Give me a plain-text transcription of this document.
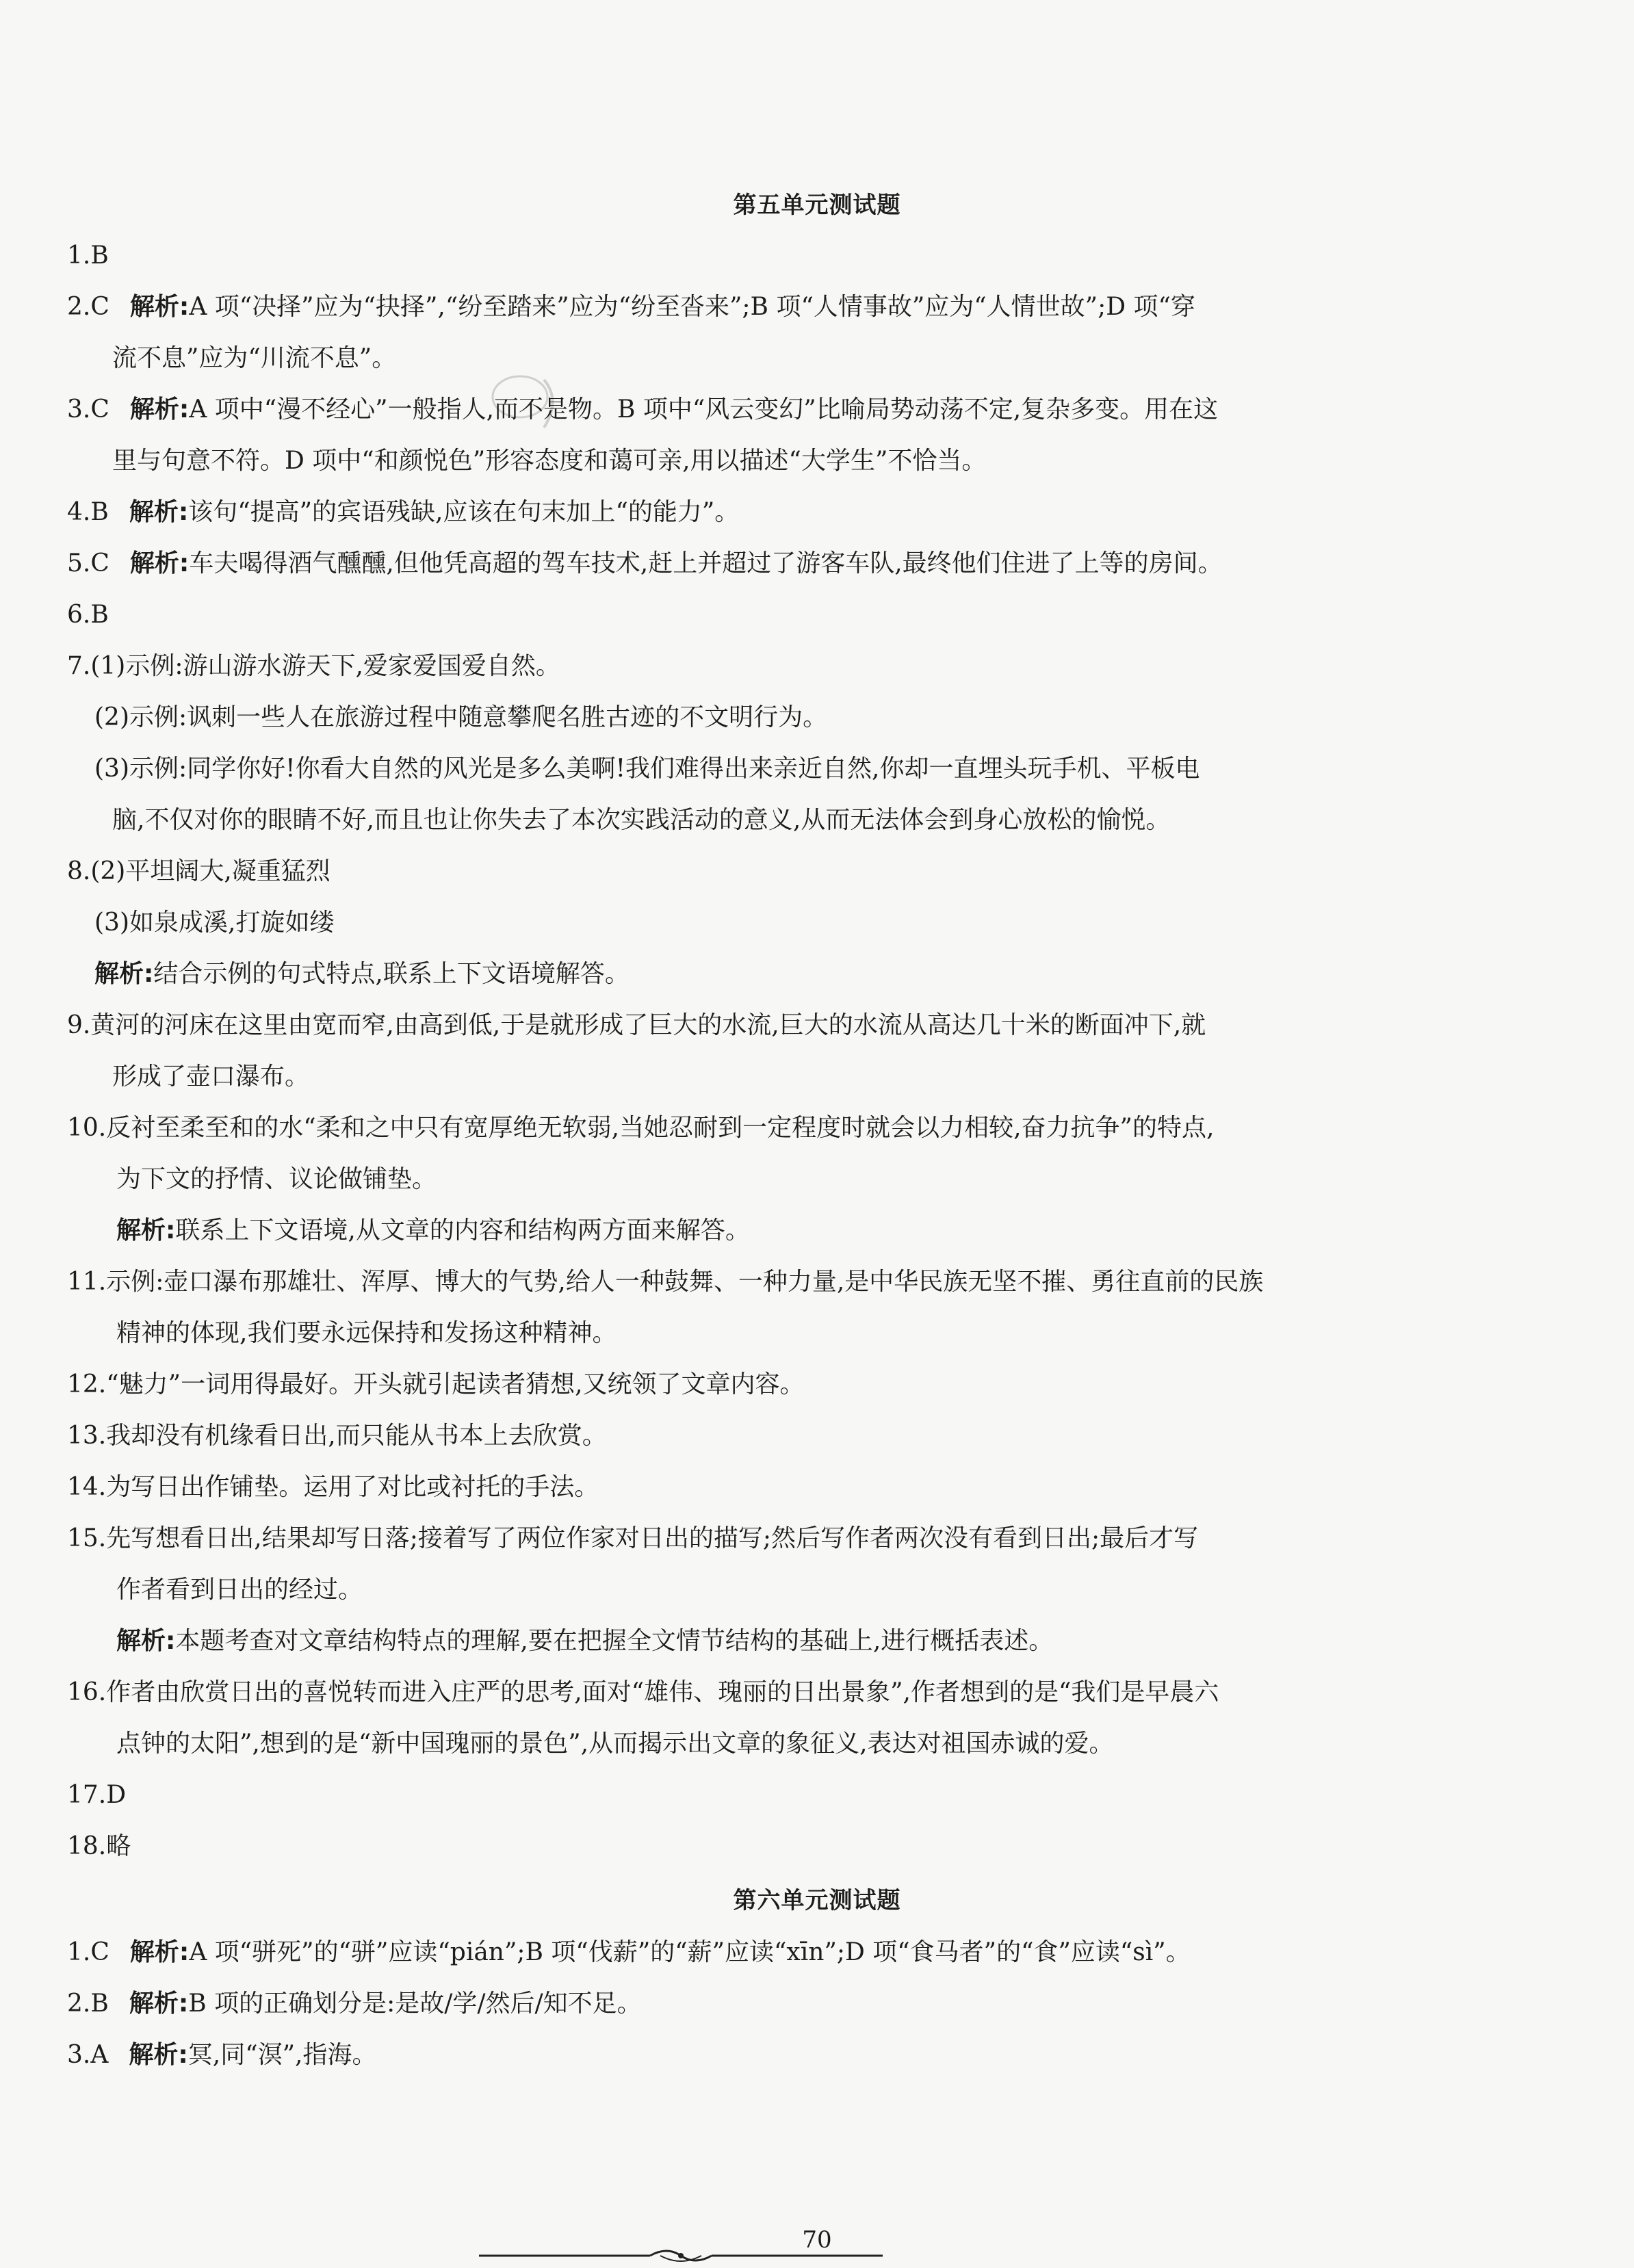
第五单元测试题
1.B
2.C 解析:A 项“决择”应为“抉择”,“纷至踏来”应为“纷至沓来”;B 项“人情事故”应为“人情世故”;D 项“穿
流不息”应为“川流不息”。
3.C 解析:A 项中“漫不经心”一般指人,而不是物。B 项中“风云变幻”比喻局势动荡不定,复杂多变。用在这
里与句意不符。D 项中“和颜悦色”形容态度和蔼可亲,用以描述“大学生”不恰当。
4.B 解析:该句“提高”的宾语残缺,应该在句末加上“的能力”。
5.C 解析:车夫喝得酒气醺醺,但他凭高超的驾车技术,赶上并超过了游客车队,最终他们住进了上等的房间。
6.B
7.(1)示例:游山游水游天下,爱家爱国爱自然。
(2)示例:讽刺一些人在旅游过程中随意攀爬名胜古迹的不文明行为。
(3)示例:同学你好!你看大自然的风光是多么美啊!我们难得出来亲近自然,你却一直埋头玩手机、平板电
脑,不仅对你的眼睛不好,而且也让你失去了本次实践活动的意义,从而无法体会到身心放松的愉悦。
8.(2)平坦阔大,凝重猛烈
(3)如泉成溪,打旋如缕
解析:结合示例的句式特点,联系上下文语境解答。
9.黄河的河床在这里由宽而窄,由高到低,于是就形成了巨大的水流,巨大的水流从高达几十米的断面冲下,就
形成了壶口瀑布。
10.反衬至柔至和的水“柔和之中只有宽厚绝无软弱,当她忍耐到一定程度时就会以力相较,奋力抗争”的特点,
为下文的抒情、议论做铺垫。
解析:联系上下文语境,从文章的内容和结构两方面来解答。
11.示例:壶口瀑布那雄壮、浑厚、博大的气势,给人一种鼓舞、一种力量,是中华民族无坚不摧、勇往直前的民族
精神的体现,我们要永远保持和发扬这种精神。
12.“魅力”一词用得最好。开头就引起读者猜想,又统领了文章内容。
13.我却没有机缘看日出,而只能从书本上去欣赏。
14.为写日出作铺垫。运用了对比或衬托的手法。
15.先写想看日出,结果却写日落;接着写了两位作家对日出的描写;然后写作者两次没有看到日出;最后才写
作者看到日出的经过。
解析:本题考查对文章结构特点的理解,要在把握全文情节结构的基础上,进行概括表述。
16.作者由欣赏日出的喜悦转而进入庄严的思考,面对“雄伟、瑰丽的日出景象”,作者想到的是“我们是早晨六
点钟的太阳”,想到的是“新中国瑰丽的景色”,从而揭示出文章的象征义,表达对祖国赤诚的爱。
17.D
18.略
第六单元测试题
1.C 解析:A 项“骈死”的“骈”应读“pián”;B 项“伐薪”的“薪”应读“xīn”;D 项“食马者”的“食”应读“sì”。
2.B 解析:B 项的正确划分是:是故/学/然后/知不足。
3.A 解析:冥,同“溟”,指海。
70
